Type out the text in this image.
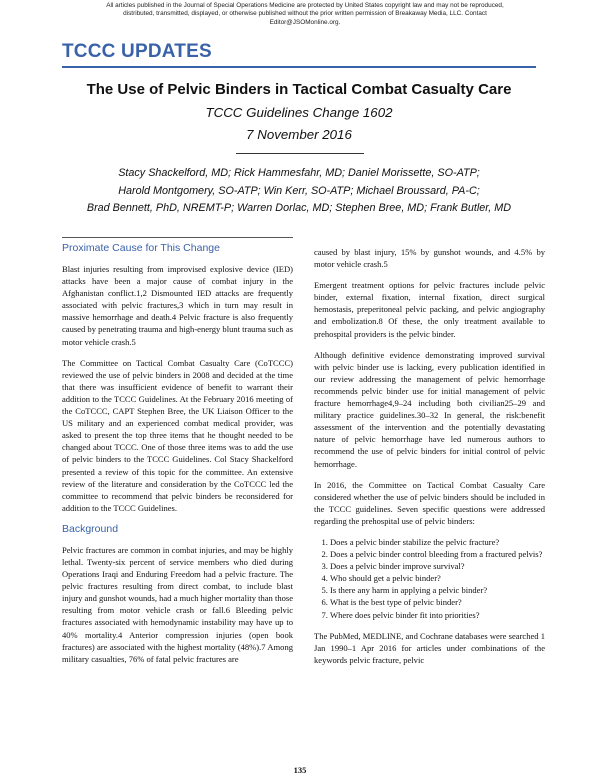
All articles published in the Journal of Special Operations Medicine are protected by United States copyright law and may not be reproduced, distributed, transmitted, displayed, or otherwise published without the prior written permission of Breakaway Media, LLC. Contact Editor@JSOMonline.org.
TCCC UPDATES
The Use of Pelvic Binders in Tactical Combat Casualty Care
TCCC Guidelines Change 1602
7 November 2016
Stacy Shackelford, MD; Rick Hammesfahr, MD; Daniel Morissette, SO-ATP;
Harold Montgomery, SO-ATP; Win Kerr, SO-ATP; Michael Broussard, PA-C;
Brad Bennett, PhD, NREMT-P; Warren Dorlac, MD; Stephen Bree, MD; Frank Butler, MD
Proximate Cause for This Change

Blast injuries resulting from improvised explosive device (IED) attacks have been a major cause of combat injury in the Afghanistan conflict.1,2 Dismounted IED attacks are frequently associated with pelvic fractures,3 which in turn may result in massive hemorrhage and death.4 Pelvic fracture is also frequently caused by penetrating trauma and high-energy blunt trauma such as motor vehicle crash.5

The Committee on Tactical Combat Casualty Care (CoTCCC) reviewed the use of pelvic binders in 2008 and decided at the time that there was insufficient evidence of benefit to warrant their addition to the TCCC Guidelines. At the February 2016 meeting of the CoTCCC, CAPT Stephen Bree, the UK Liaison Officer to the US military and an experienced combat medical provider, was asked to present the top three items that he thought needed to be changed about TCCC. One of those three items was to add the use of pelvic binders to the TCCC Guidelines. Col Stacy Shackelford presented a review of this topic for the committee. An extensive review of the literature and consideration by the CoTCCC led the committee to recommend that pelvic binders be reconsidered for addition to the TCCC Guidelines.

Background

Pelvic fractures are common in combat injuries, and may be highly lethal. Twenty-six percent of service members who died during Operations Iraqi and Enduring Freedom had a pelvic fracture. The pelvic fractures resulting from direct combat, to include blast injury and gunshot wounds, had a much higher mortality than those resulting from motor vehicle crash or fall.6 Bleeding pelvic fractures associated with hemodynamic instability may have up to 40% mortality.4 Anterior compression injuries (open book fractures) are associated with the highest mortality (48%).7 Among military casualties, 76% of fatal pelvic fractures are

caused by blast injury, 15% by gunshot wounds, and 4.5% by motor vehicle crash.5

Emergent treatment options for pelvic fractures include pelvic binder, external fixation, internal fixation, direct surgical hemostasis, preperitoneal pelvic packing, and pelvic angiography and embolization.8 Of these, the only treatment available to prehospital providers is the pelvic binder.

Although definitive evidence demonstrating improved survival with pelvic binder use is lacking, every publication identified in our review addressing the management of pelvic hemorrhage recommends pelvic binder use for initial management of pelvic fracture hemorrhage4,9–24 including both civilian25–29 and military practice guidelines.30–32 In general, the risk:benefit assessment of the intervention and the potentially devastating nature of pelvic hemorrhage have led numerous authors to recommend the use of pelvic binders for initial control of pelvic hemorrhage.

In 2016, the Committee on Tactical Combat Casualty Care considered whether the use of pelvic binders should be included in the TCCC guidelines. Seven specific questions were addressed regarding the prehospital use of pelvic binders:

1. Does a pelvic binder stabilize the pelvic fracture?
2. Does a pelvic binder control bleeding from a fractured pelvis?
3. Does a pelvic binder improve survival?
4. Who should get a pelvic binder?
5. Is there any harm in applying a pelvic binder?
6. What is the best type of pelvic binder?
7. Where does pelvic binder fit into priorities?

The PubMed, MEDLINE, and Cochrane databases were searched 1 Jan 1990–1 Apr 2016 for articles under combinations of the keywords pelvic fracture, pelvic

135
